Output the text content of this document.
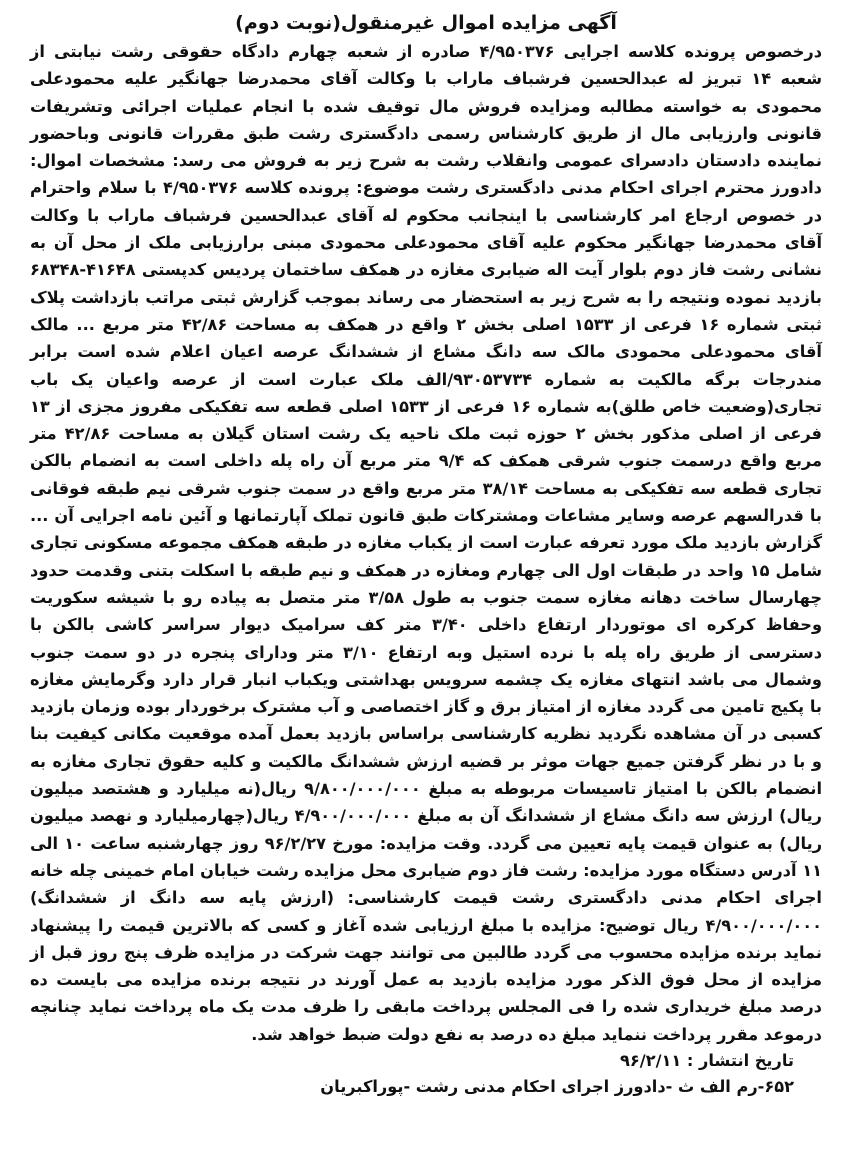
آگهی مزایده اموال غیرمنقول(نوبت دوم)

درخصوص پرونده کلاسه اجرایی ۴/۹۵۰۳۷۶ صادره از شعبه چهارم دادگاه حقوقی رشت نیابتی از شعبه ۱۴ تبریز له عبدالحسین فرشباف ماراب با وکالت آقای محمدرضا جهانگیر علیه محمودعلی محمودی به خواسته مطالبه ومزایده فروش مال توقیف شده با انجام عملیات اجرائی وتشریفات قانونی وارزیابی مال از طریق کارشناس رسمی دادگستری رشت طبق مقررات قانونی وباحضور نماینده دادستان دادسرای عمومی وانقلاب رشت به شرح زیر به فروش می رسد: مشخصات اموال: دادورز محترم اجرای احکام مدنی دادگستری رشت موضوع: پرونده کلاسه ۴/۹۵۰۳۷۶ با سلام واحترام در خصوص ارجاع امر کارشناسی با اینجانب محکوم له آقای عبدالحسین فرشباف ماراب با وکالت آقای محمدرضا جهانگیر محکوم علیه آقای محمودعلی محمودی مبنی برارزیابی ملک از محل آن به نشانی رشت فاز دوم بلوار آیت اله ضیابری مغازه در همکف ساختمان پردیس کدپستی ۴۱۶۴۸-۶۸۳۴۸ بازدید نموده ونتیجه را به شرح زیر به استحضار می رساند بموجب گزارش ثبتی مراتب بازداشت پلاک ثبتی شماره ۱۶ فرعی از ۱۵۳۳ اصلی بخش ۲ واقع در همکف به مساحت ۴۲/۸۶ متر مربع ... مالک آقای محمودعلی محمودی مالک سه دانگ مشاع از ششدانگ عرصه اعیان اعلام شده است برابر مندرجات برگه مالکیت به شماره ۹۳۰۵۳۷۳۴/الف ملک عبارت است از عرصه واعیان یک باب تجاری(وضعیت خاص طلق)به شماره ۱۶ فرعی از ۱۵۳۳ اصلی قطعه سه تفکیکی مفروز مجزی از ۱۳ فرعی از اصلی مذکور بخش ۲ حوزه ثبت ملک ناحیه یک رشت استان گیلان به مساحت ۴۲/۸۶ متر مربع واقع درسمت جنوب شرقی همکف که ۹/۴ متر مربع آن راه پله داخلی است به انضمام بالکن تجاری قطعه سه تفکیکی به مساحت ۳۸/۱۴ متر مربع واقع در سمت جنوب شرقی نیم طبقه فوقانی با قدرالسهم عرصه وسایر مشاعات ومشترکات طبق قانون تملک آپارتمانها و آئین نامه اجرایی آن ... گزارش بازدید ملک مورد تعرفه عبارت است از یکباب مغازه در طبقه همکف مجموعه مسکونی تجاری شامل ۱۵ واحد در طبقات اول الی چهارم ومغازه در همکف و نیم طبقه با اسکلت بتنی وقدمت حدود چهارسال ساخت دهانه مغازه سمت جنوب به طول ۳/۵۸ متر متصل به پیاده رو با شیشه سکوریت وحفاظ کرکره ای موتوردار ارتفاع داخلی ۳/۴۰ متر کف سرامیک دیوار سراسر کاشی بالکن با دسترسی از طریق راه پله با نرده استیل وبه ارتفاع ۳/۱۰ متر ودارای پنجره در دو سمت جنوب وشمال می باشد انتهای مغازه یک چشمه سرویس بهداشتی ویکباب انبار قرار دارد وگرمایش مغازه با پکیج تامین می گردد مغازه از امتیاز برق و گاز اختصاصی و آب مشترک برخوردار بوده وزمان بازدید کسبی در آن مشاهده نگردید نظریه کارشناسی براساس بازدید بعمل آمده موقعیت مکانی کیفیت بنا و با در نظر گرفتن جمیع جهات موثر بر قضیه ارزش ششدانگ مالکیت و کلیه حقوق تجاری مغازه به انضمام بالکن با امتیاز تاسیسات مربوطه به مبلغ ۹/۸۰۰/۰۰۰/۰۰۰ ریال(نه میلیارد و هشتصد میلیون ریال) ارزش سه دانگ مشاع از ششدانگ آن به مبلغ ۴/۹۰۰/۰۰۰/۰۰۰ ریال(چهارمیلیارد و نهصد میلیون ریال) به عنوان قیمت پایه تعیین می گردد. وقت مزایده: مورخ ۹۶/۲/۲۷ روز چهارشنبه ساعت ۱۰ الی ۱۱ آدرس دستگاه مورد مزایده: رشت فاز دوم ضیابری محل مزایده رشت خیابان امام خمینی چله خانه اجرای احکام مدنی دادگستری رشت قیمت کارشناسی: (ارزش پایه سه دانگ از ششدانگ) ۴/۹۰۰/۰۰۰/۰۰۰ ریال توضیح: مزایده با مبلغ ارزیابی شده آغاز و کسی که بالاترین قیمت را پیشنهاد نماید برنده مزایده محسوب می گردد طالبین می توانند جهت شرکت در مزایده ظرف پنج روز قبل از مزایده از محل فوق الذکر مورد مزایده بازدید به عمل آورند در نتیجه برنده مزایده می بایست ده درصد مبلغ خریداری شده را فی المجلس پرداخت مابقی را ظرف مدت یک ماه پرداخت نماید چنانچه درموعد مقرر پرداخت ننماید مبلغ ده درصد به نفع دولت ضبط خواهد شد.

تاریخ انتشار : ۹۶/۲/۱۱
۶۵۲-رم الف ث -دادورز اجرای احکام مدنی رشت -پوراکبریان
